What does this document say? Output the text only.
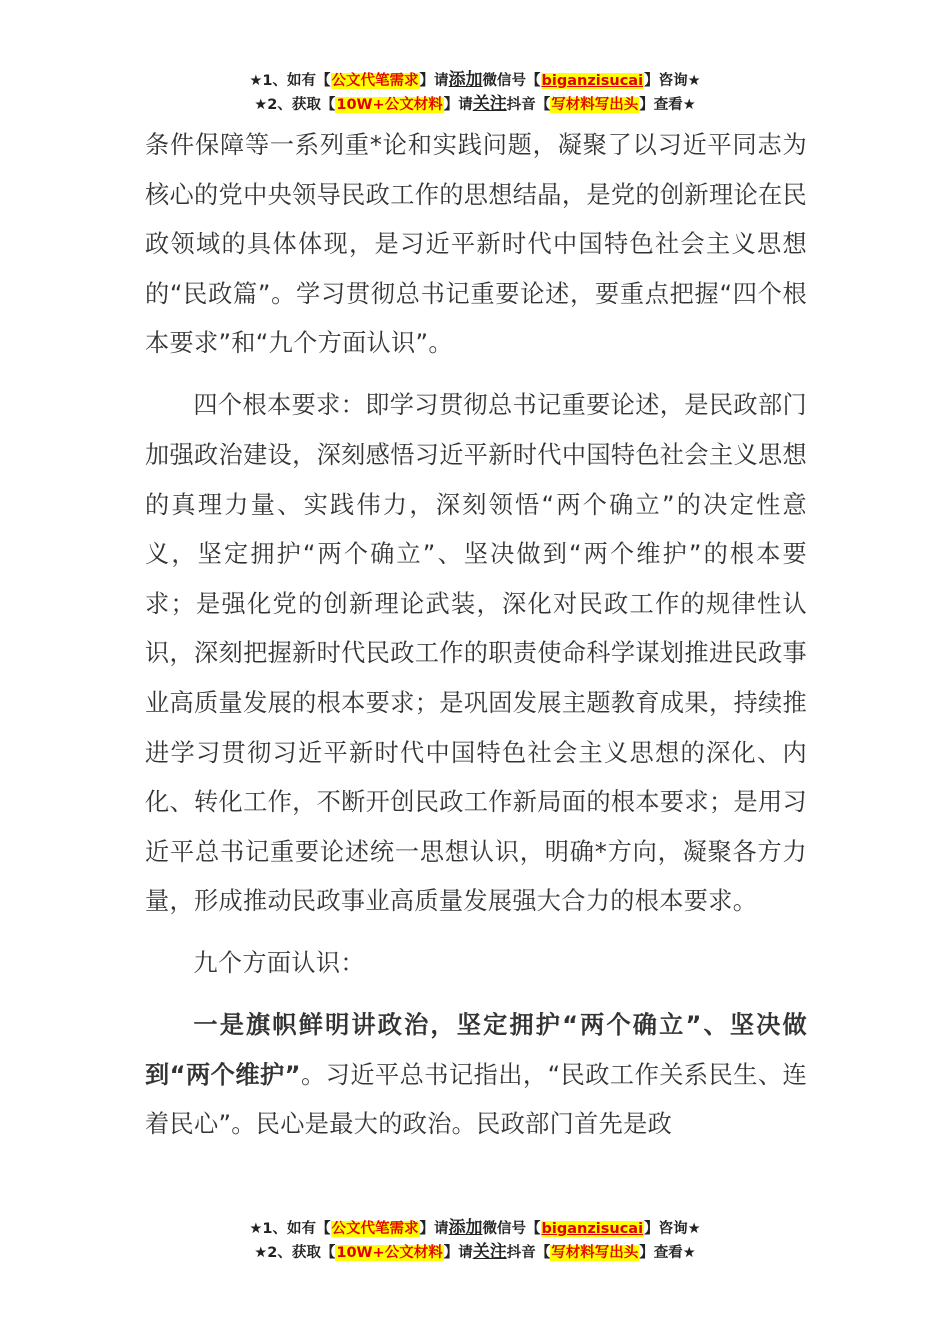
★1、如有【公文代笔需求】请添加微信号【biganzisucai】咨询★
★2、获取【10W+公文材料】请关注抖音【写材料写出头】查看★

条件保障等一系列重*论和实践问题，凝聚了以习近平同志为核心的党中央领导民政工作的思想结晶，是党的创新理论在民政领域的具体体现，是习近平新时代中国特色社会主义思想的“民政篇”。学习贯彻总书记重要论述，要重点把握“四个根本要求”和“九个方面认识”。

四个根本要求：即学习贯彻总书记重要论述，是民政部门加强政治建设，深刻感悟习近平新时代中国特色社会主义思想的真理力量、实践伟力，深刻领悟“两个确立”的决定性意义，坚定拥护“两个确立”、坚决做到“两个维护”的根本要求；是强化党的创新理论武装，深化对民政工作的规律性认识，深刻把握新时代民政工作的职责使命科学谋划推进民政事业高质量发展的根本要求；是巩固发展主题教育成果，持续推进学习贯彻习近平新时代中国特色社会主义思想的深化、内化、转化工作，不断开创民政工作新局面的根本要求；是用习近平总书记重要论述统一思想认识，明确*方向，凝聚各方力量，形成推动民政事业高质量发展强大合力的根本要求。

九个方面认识：

一是旗帜鲜明讲政治，坚定拥护“两个确立”、坚决做到“两个维护”。习近平总书记指出，“民政工作关系民生、连着民心”。民心是最大的政治。民政部门首先是政

★1、如有【公文代笔需求】请添加微信号【biganzisucai】咨询★
★2、获取【10W+公文材料】请关注抖音【写材料写出头】查看★
